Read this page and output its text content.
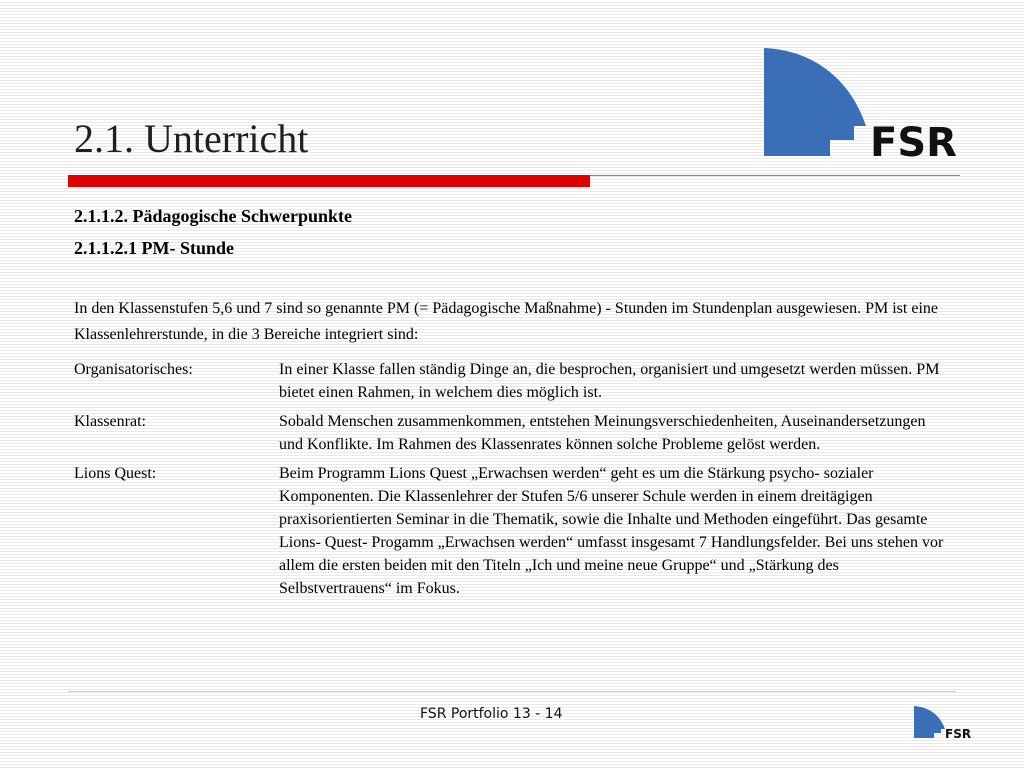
2.1. Unterricht	FSR
2.1.1.2. Pädagogische Schwerpunkte
2.1.1.2.1 PM- Stunde
In den Klassenstufen 5,6 und 7 sind so genannte PM (= Pädagogische Maßnahme) - Stunden im Stundenplan ausgewiesen. PM ist eine Klassenlehrerstunde, in die 3 Bereiche integriert sind:
Organisatorisches:	In einer Klasse fallen ständig Dinge an, die besprochen, organisiert und umgesetzt werden müssen. PM bietet einen Rahmen, in welchem dies möglich ist.
Klassenrat:	Sobald Menschen zusammenkommen, entstehen Meinungsverschiedenheiten, Auseinandersetzungen und Konflikte. Im Rahmen des Klassenrates können solche Probleme gelöst werden.
Lions Quest:	Beim Programm Lions Quest „Erwachsen werden“ geht es um die Stärkung psycho- sozialer Komponenten. Die Klassenlehrer der Stufen 5/6 unserer Schule werden in einem dreitägigen praxisorientierten Seminar in die Thematik, sowie die Inhalte und Methoden eingeführt. Das gesamte Lions- Quest- Progamm „Erwachsen werden“ umfasst insgesamt 7 Handlungsfelder. Bei uns stehen vor allem die ersten beiden mit den Titeln „Ich und meine neue Gruppe“ und „Stärkung des Selbstvertrauens“ im Fokus.
FSR Portfolio 13 - 14
FSR
